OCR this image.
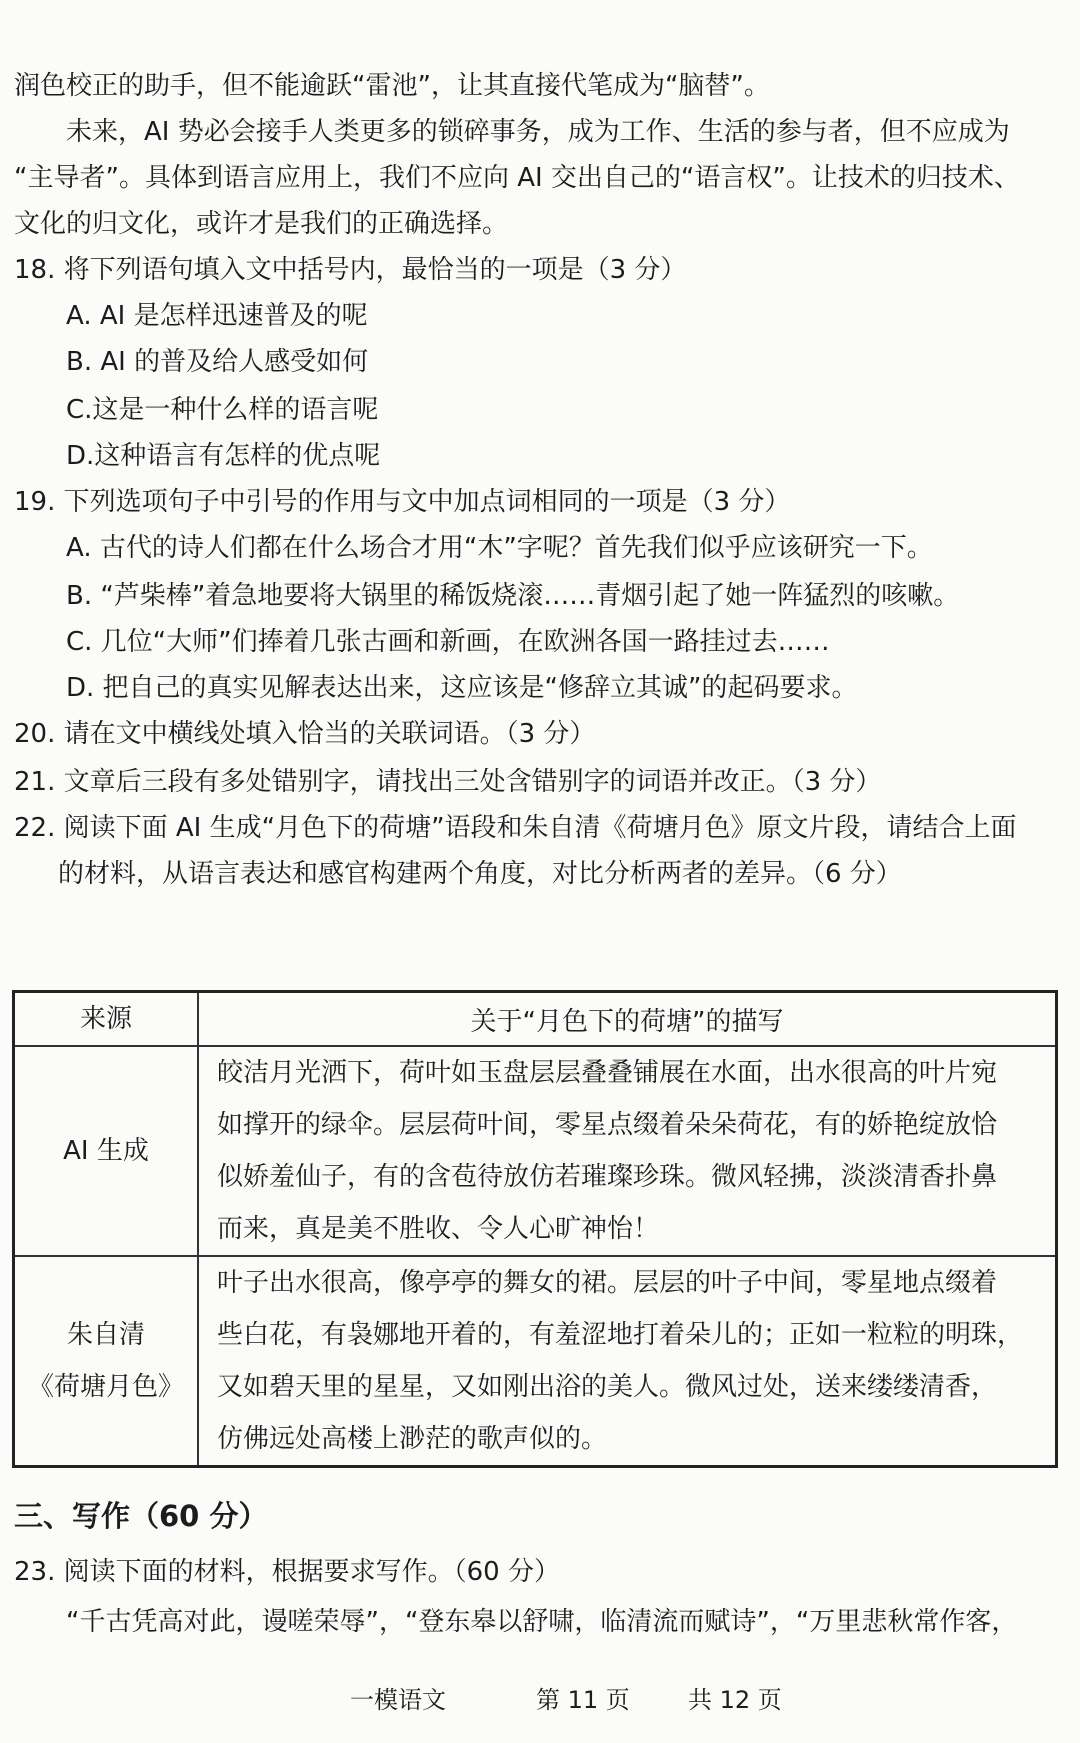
润色校正的助手，但不能逾跃“雷池”，让其直接代笔成为“脑替”。
未来，AI 势必会接手人类更多的锁碎事务，成为工作、生活的参与者，但不应成为
“主导者”。具体到语言应用上，我们不应向 AI 交出自己的“语言权”。让技术的归技术、
文化的归文化，或许才是我们的正确选择。
18. 将下列语句填入文中括号内，最恰当的一项是（3 分）
A. AI 是怎样迅速普及的呢
B. AI 的普及给人感受如何
C.这是一种什么样的语言呢
D.这种语言有怎样的优点呢
19. 下列选项句子中引号的作用与文中加点词相同的一项是（3 分）
A. 古代的诗人们都在什么场合才用“木”字呢？首先我们似乎应该研究一下。
B. “芦柴棒”着急地要将大锅里的稀饭烧滚……青烟引起了她一阵猛烈的咳嗽。
C. 几位“大师”们捧着几张古画和新画，在欧洲各国一路挂过去……
D. 把自己的真实见解表达出来，这应该是“修辞立其诚”的起码要求。
20. 请在文中横线处填入恰当的关联词语。（3 分）
21. 文章后三段有多处错别字，请找出三处含错别字的词语并改正。（3 分）
22. 阅读下面 AI 生成“月色下的荷塘”语段和朱自清《荷塘月色》原文片段，请结合上面
的材料，从语言表达和感官构建两个角度，对比分析两者的差异。（6 分）
来源	关于“月色下的荷塘”的描写

AI 生成	皎洁月光洒下，荷叶如玉盘层层叠叠铺展在水面，出水很高的叶片宛
如撑开的绿伞。层层荷叶间，零星点缀着朵朵荷花，有的娇艳绽放恰
似娇羞仙子，有的含苞待放仿若璀璨珍珠。微风轻拂，淡淡清香扑鼻
而来，真是美不胜收、令人心旷神怡！

朱自清
《荷塘月色》	叶子出水很高，像亭亭的舞女的裙。层层的叶子中间，零星地点缀着
些白花，有袅娜地开着的，有羞涩地打着朵儿的；正如一粒粒的明珠，
又如碧天里的星星，又如刚出浴的美人。微风过处，送来缕缕清香，
仿佛远处高楼上渺茫的歌声似的。
三、写作（60 分）
23. 阅读下面的材料，根据要求写作。（60 分）
“千古凭高对此，谩嗟荣辱”，“登东皋以舒啸，临清流而赋诗”，“万里悲秋常作客，
一模语文	第 11 页 共 12 页
